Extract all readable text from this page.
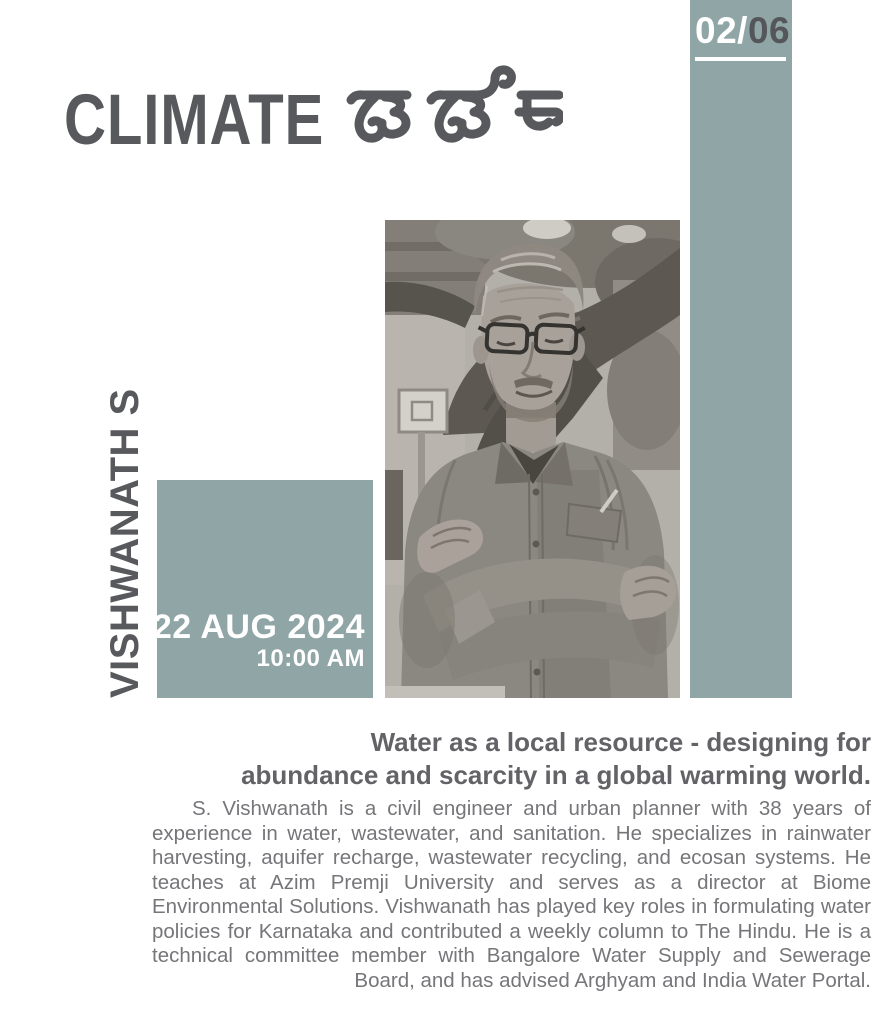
02/06
CLIMATE
VISHWANATH S 22 AUG 2024
10:00 AM
Water as a local resource - designing for
abundance and scarcity in a global warming world.

S. Vishwanath is a civil engineer and urban planner with 38 years of experience in water, wastewater, and sanitation. He specializes in rainwater harvesting, aquifer recharge, wastewater recycling, and ecosan systems. He teaches at Azim Premji University and serves as a director at Biome Environmental Solutions. Vishwanath has played key roles in formulating water policies for Karnataka and contributed a weekly column to The Hindu. He is a technical committee member with Bangalore Water Supply and Sewerage Board, and has advised Arghyam and India Water Portal.
